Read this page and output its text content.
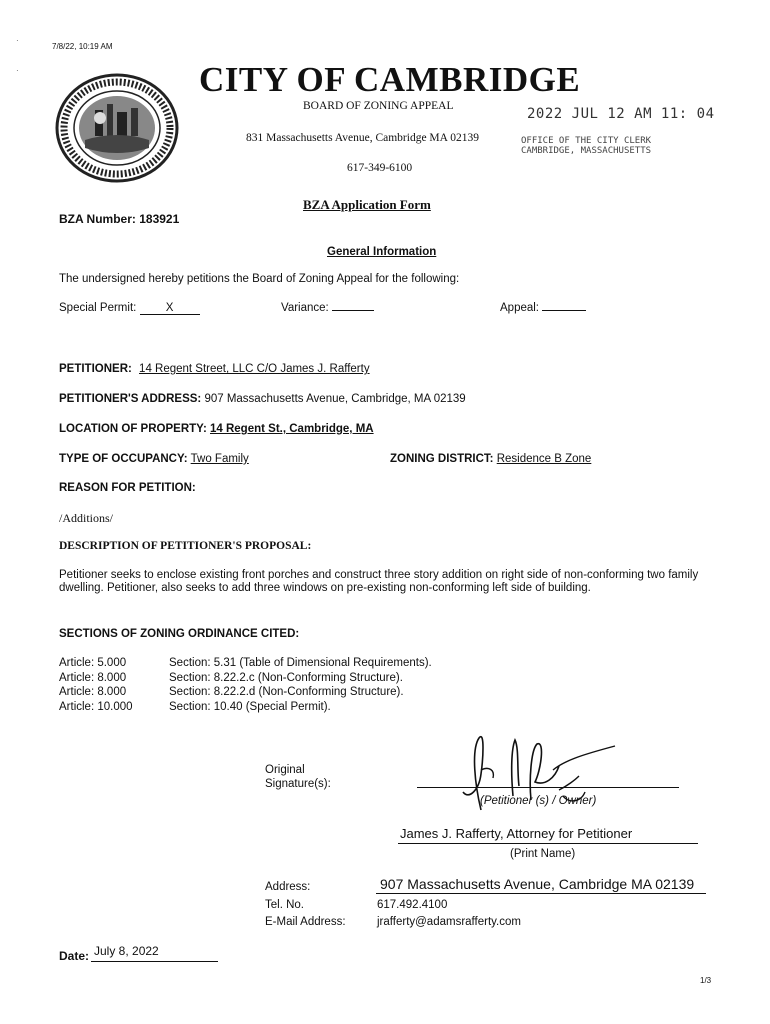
7/8/22, 10:19 AM
·
·	CITY OF CAMBRIDGE
BOARD OF ZONING APPEAL
831 Massachusetts Avenue, Cambridge MA 02139
617-349-6100
2022 JUL 12 AM 11: 04
OFFICE OF THE CITY CLERK
CAMBRIDGE, MASSACHUSETTS
BZA Application Form
BZA Number: 183921
General Information
The undersigned hereby petitions the Board of Zoning Appeal for the following:
Special Permit:	X	Variance:	Appeal:
PETITIONER: 14 Regent Street, LLC C/O James J. Rafferty
PETITIONER'S ADDRESS: 907 Massachusetts Avenue, Cambridge, MA 02139
LOCATION OF PROPERTY: 14 Regent St., Cambridge, MA
TYPE OF OCCUPANCY: Two Family	ZONING DISTRICT: Residence B Zone
REASON FOR PETITION:
/Additions/
DESCRIPTION OF PETITIONER'S PROPOSAL:
Petitioner seeks to enclose existing front porches and construct three story addition on right side of non-conforming two family dwelling. Petitioner, also seeks to add three windows on pre-existing non-conforming left side of building.
SECTIONS OF ZONING ORDINANCE CITED:
Article: 5.000	Section: 5.31 (Table of Dimensional Requirements).
Article: 8.000	Section: 8.22.2.c (Non-Conforming Structure).
Article: 8.000	Section: 8.22.2.d (Non-Conforming Structure).
Article: 10.000	Section: 10.40 (Special Permit).
Original
Signature(s):
(Petitioner (s) / Owner)
James J. Rafferty, Attorney for Petitioner
(Print Name)
Address:	907 Massachusetts Avenue, Cambridge MA 02139
Tel. No.	617.492.4100
E-Mail Address:	jrafferty@adamsrafferty.com
Date: July 8, 2022
1/3
